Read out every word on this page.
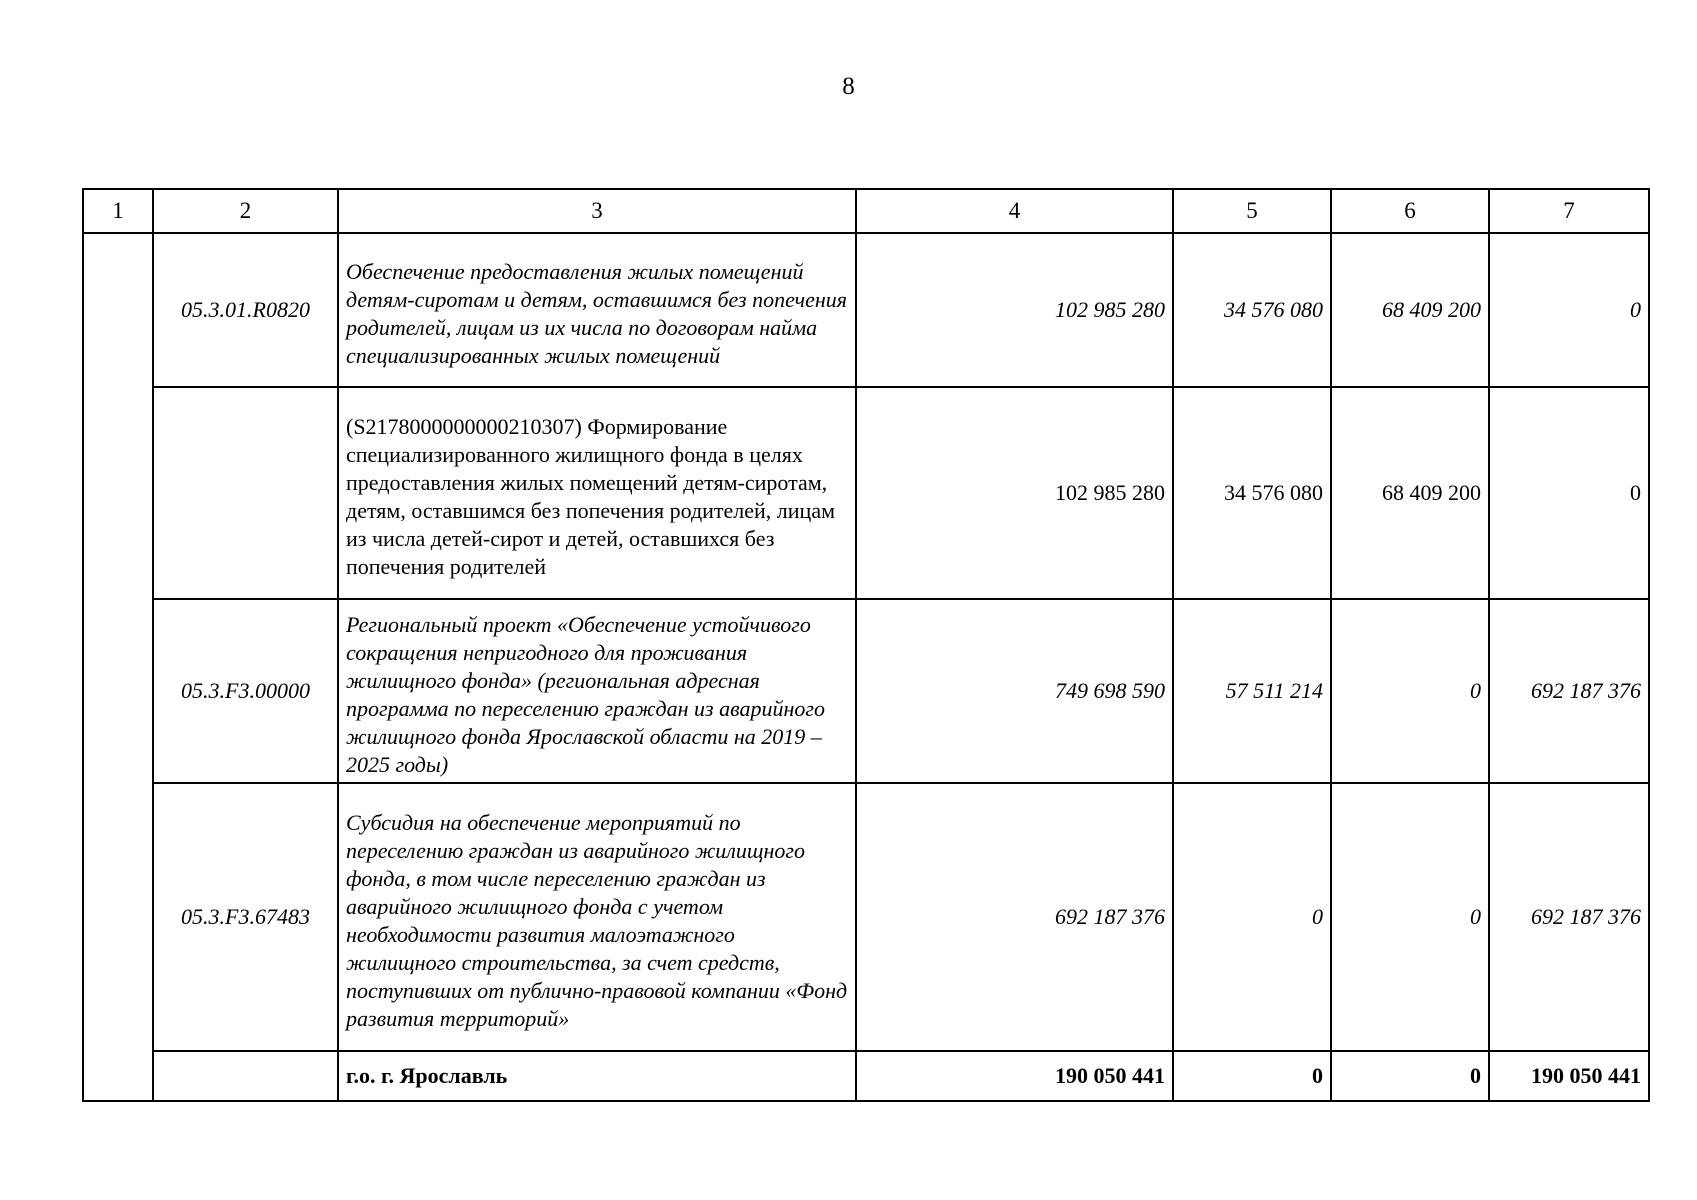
8
1	2	3	4	5	6	7
	05.3.01.R0820	Обеспечение предоставления жилых помещений детям-сиротам и детям, оставшимся без попечения родителей, лицам из их числа по договорам найма специализированных жилых помещений	102 985 280	34 576 080	68 409 200	0
		(S2178000000000210307) Формирование специализированного жилищного фонда в целях предоставления жилых помещений детям-сиротам, детям, оставшимся без попечения родителей, лицам из числа детей-сирот и детей, оставшихся без попечения родителей	102 985 280	34 576 080	68 409 200	0
	05.3.F3.00000	Региональный проект «Обеспечение устойчивого сокращения непригодного для проживания жилищного фонда» (региональная адресная программа по переселению граждан из аварийного жилищного фонда Ярославской области на 2019 – 2025 годы)	749 698 590	57 511 214	0	692 187 376
	05.3.F3.67483	Субсидия на обеспечение мероприятий по переселению граждан из аварийного жилищного фонда, в том числе переселению граждан из аварийного жилищного фонда с учетом необходимости развития малоэтажного жилищного строительства, за счет средств, поступивших от публично-правовой компании «Фонд развития территорий»	692 187 376	0	0	692 187 376
		г.о. г. Ярославль	190 050 441	0	0	190 050 441
